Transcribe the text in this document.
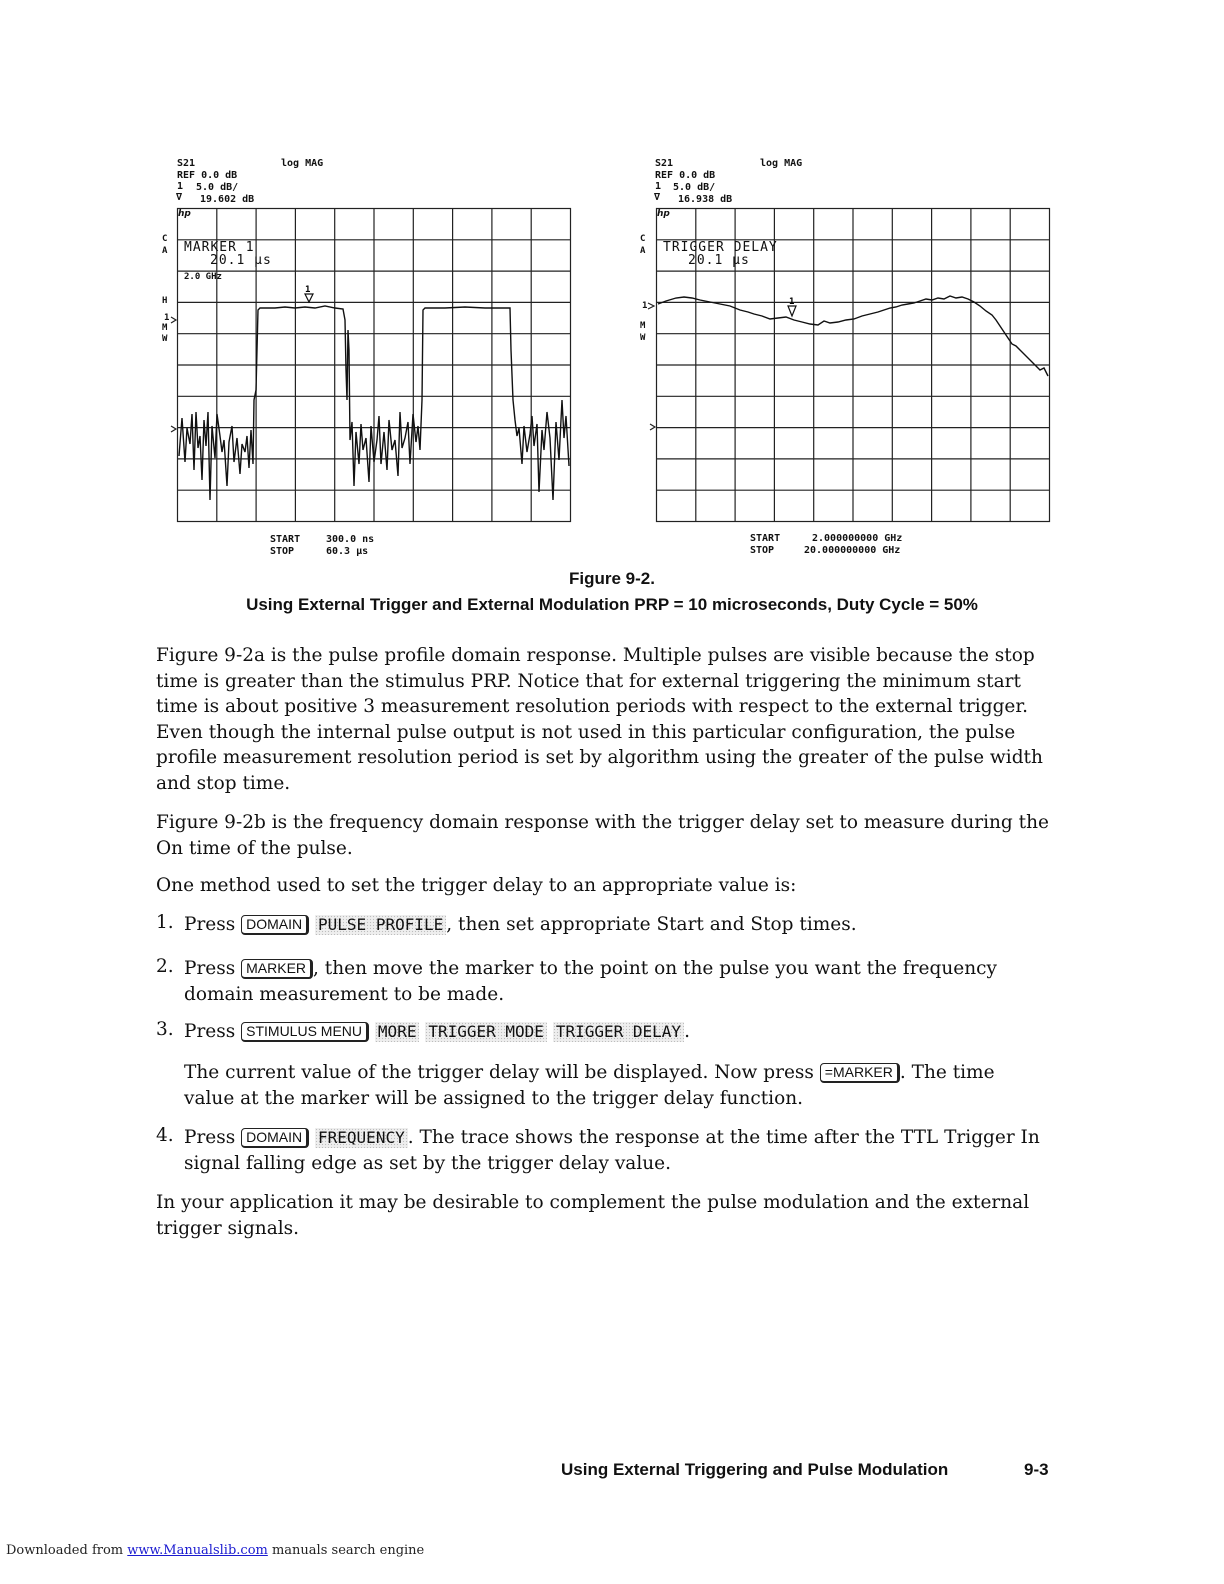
S21	log MAG
REF 0.0 dB
1 5.0 dB/
∇ 19.602 dB
C
A
H
1
M
W
1
hp
MARKER 1
20.1 µs
2.0 GHz
START	300.0 ns
STOP	60.3 µs
S21	log MAG
REF 0.0 dB
1 5.0 dB/
∇ 16.938 dB
C
A
1
M
W
1
hp
TRIGGER DELAY
20.1 µs
START	2.000000000 GHz
STOP	20.000000000 GHz
Figure 9-2.
Using External Trigger and External Modulation PRP = 10 microseconds, Duty Cycle = 50%
Figure 9-2a is the pulse profile domain response. Multiple pulses are visible because the stop time is greater than the stimulus PRP. Notice that for external triggering the minimum start time is about positive 3 measurement resolution periods with respect to the external trigger. Even though the internal pulse output is not used in this particular configuration, the pulse profile measurement resolution period is set by algorithm using the greater of the pulse width and stop time.
Figure 9-2b is the frequency domain response with the trigger delay set to measure during the On time of the pulse.
One method used to set the trigger delay to an appropriate value is:
1. Press DOMAIN PULSE PROFILE , then set appropriate Start and Stop times.
2. Press MARKER , then move the marker to the point on the pulse you want the frequency domain measurement to be made.
3. Press STIMULUS MENU MORE TRIGGER MODE TRIGGER DELAY .
The current value of the trigger delay will be displayed. Now press =MARKER . The time value at the marker will be assigned to the trigger delay function.
4. Press DOMAIN FREQUENCY . The trace shows the response at the time after the TTL Trigger In signal falling edge as set by the trigger delay value.
In your application it may be desirable to complement the pulse modulation and the external trigger signals.
Using External Triggering and Pulse Modulation	9-3
Downloaded from www.Manualslib.com manuals search engine
